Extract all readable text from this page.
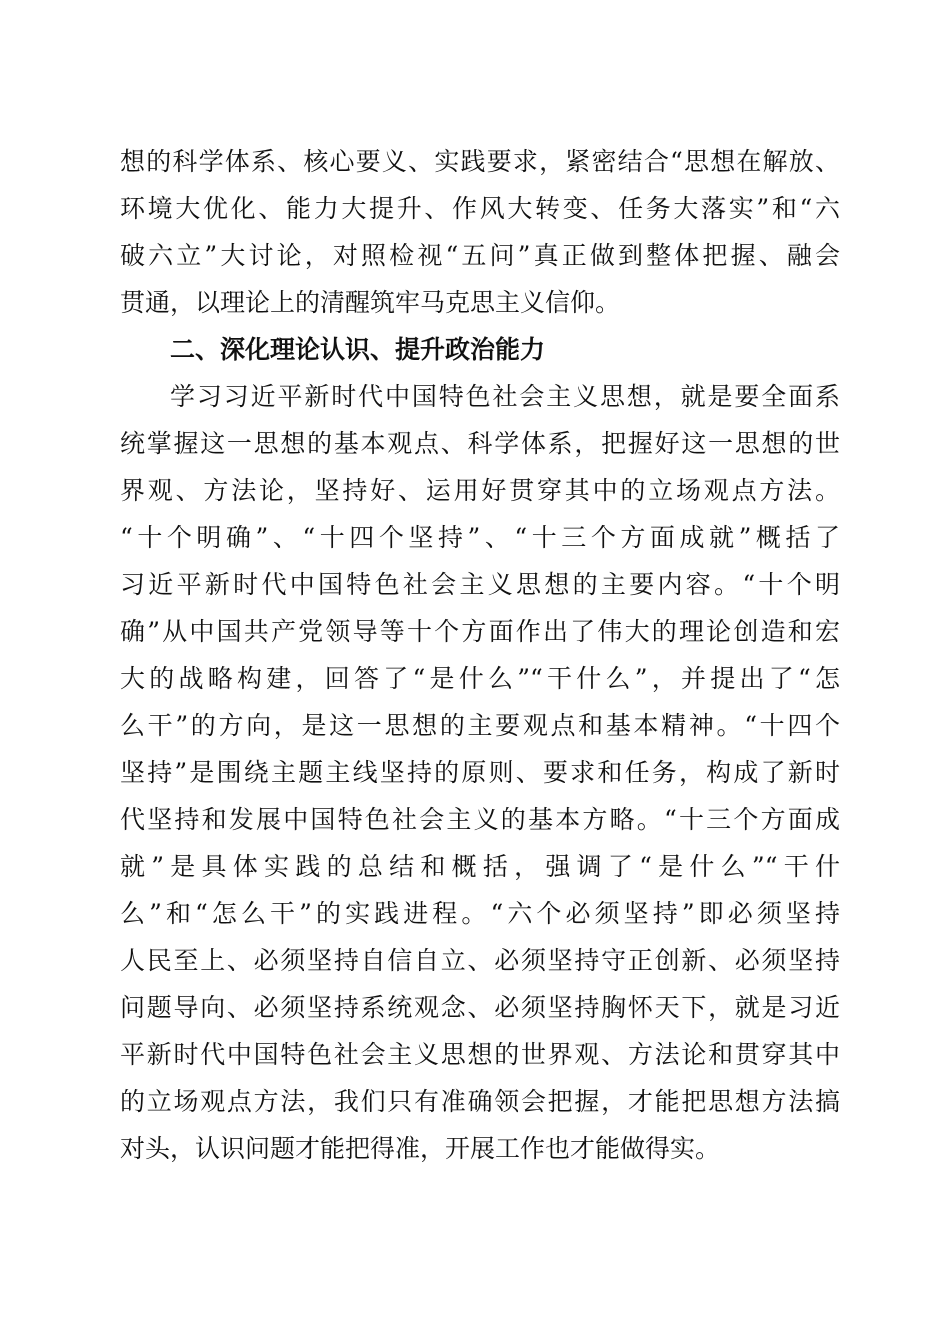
想的科学体系、核心要义、实践要求，紧密结合“思想在解放、
环境大优化、能力大提升、作风大转变、任务大落实”和“六
破六立”大讨论，对照检视“五问”真正做到整体把握、融会
贯通，以理论上的清醒筑牢马克思主义信仰。
二、深化理论认识、提升政治能力
学习习近平新时代中国特色社会主义思想，就是要全面系
统掌握这一思想的基本观点、科学体系，把握好这一思想的世
界观、方法论，坚持好、运用好贯穿其中的立场观点方法。
“十个明确”、“十四个坚持”、“十三个方面成就”概括了
习近平新时代中国特色社会主义思想的主要内容。“十个明
确”从中国共产党领导等十个方面作出了伟大的理论创造和宏
大的战略构建，回答了“是什么”“干什么”，并提出了“怎
么干”的方向，是这一思想的主要观点和基本精神。“十四个
坚持”是围绕主题主线坚持的原则、要求和任务，构成了新时
代坚持和发展中国特色社会主义的基本方略。“十三个方面成
就”是具体实践的总结和概括，强调了“是什么”“干什
么”和“怎么干”的实践进程。“六个必须坚持”即必须坚持
人民至上、必须坚持自信自立、必须坚持守正创新、必须坚持
问题导向、必须坚持系统观念、必须坚持胸怀天下，就是习近
平新时代中国特色社会主义思想的世界观、方法论和贯穿其中
的立场观点方法，我们只有准确领会把握，才能把思想方法搞
对头，认识问题才能把得准，开展工作也才能做得实。
